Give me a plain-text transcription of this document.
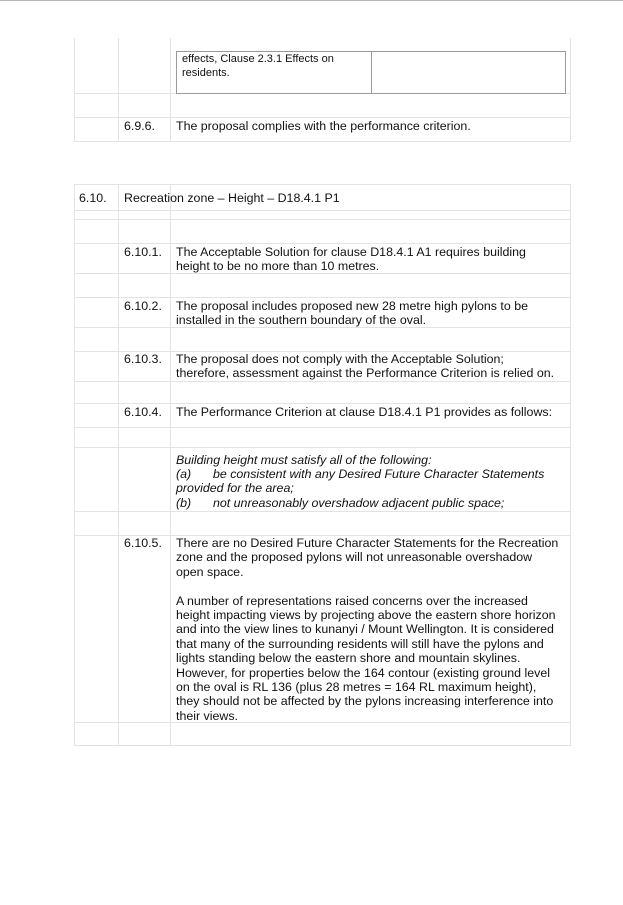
effects, Clause 2.3.1 Effects on
residents.
6.9.6. The proposal complies with the performance criterion.
6.10. Recreation zone – Height – D18.4.1 P1
6.10.1. The Acceptable Solution for clause D18.4.1 A1 requires building
height to be no more than 10 metres.
6.10.2. The proposal includes proposed new 28 metre high pylons to be
installed in the southern boundary of the oval.
6.10.3. The proposal does not comply with the Acceptable Solution;
therefore, assessment against the Performance Criterion is relied on.
6.10.4. The Performance Criterion at clause D18.4.1 P1 provides as follows:
Building height must satisfy all of the following:
(a) be consistent with any Desired Future Character Statements
provided for the area;
(b) not unreasonably overshadow adjacent public space;
6.10.5. There are no Desired Future Character Statements for the Recreation
zone and the proposed pylons will not unreasonable overshadow
open space.
A number of representations raised concerns over the increased
height impacting views by projecting above the eastern shore horizon
and into the view lines to kunanyi / Mount Wellington. It is considered
that many of the surrounding residents will still have the pylons and
lights standing below the eastern shore and mountain skylines.
However, for properties below the 164 contour (existing ground level
on the oval is RL 136 (plus 28 metres = 164 RL maximum height),
they should not be affected by the pylons increasing interference into
their views.
